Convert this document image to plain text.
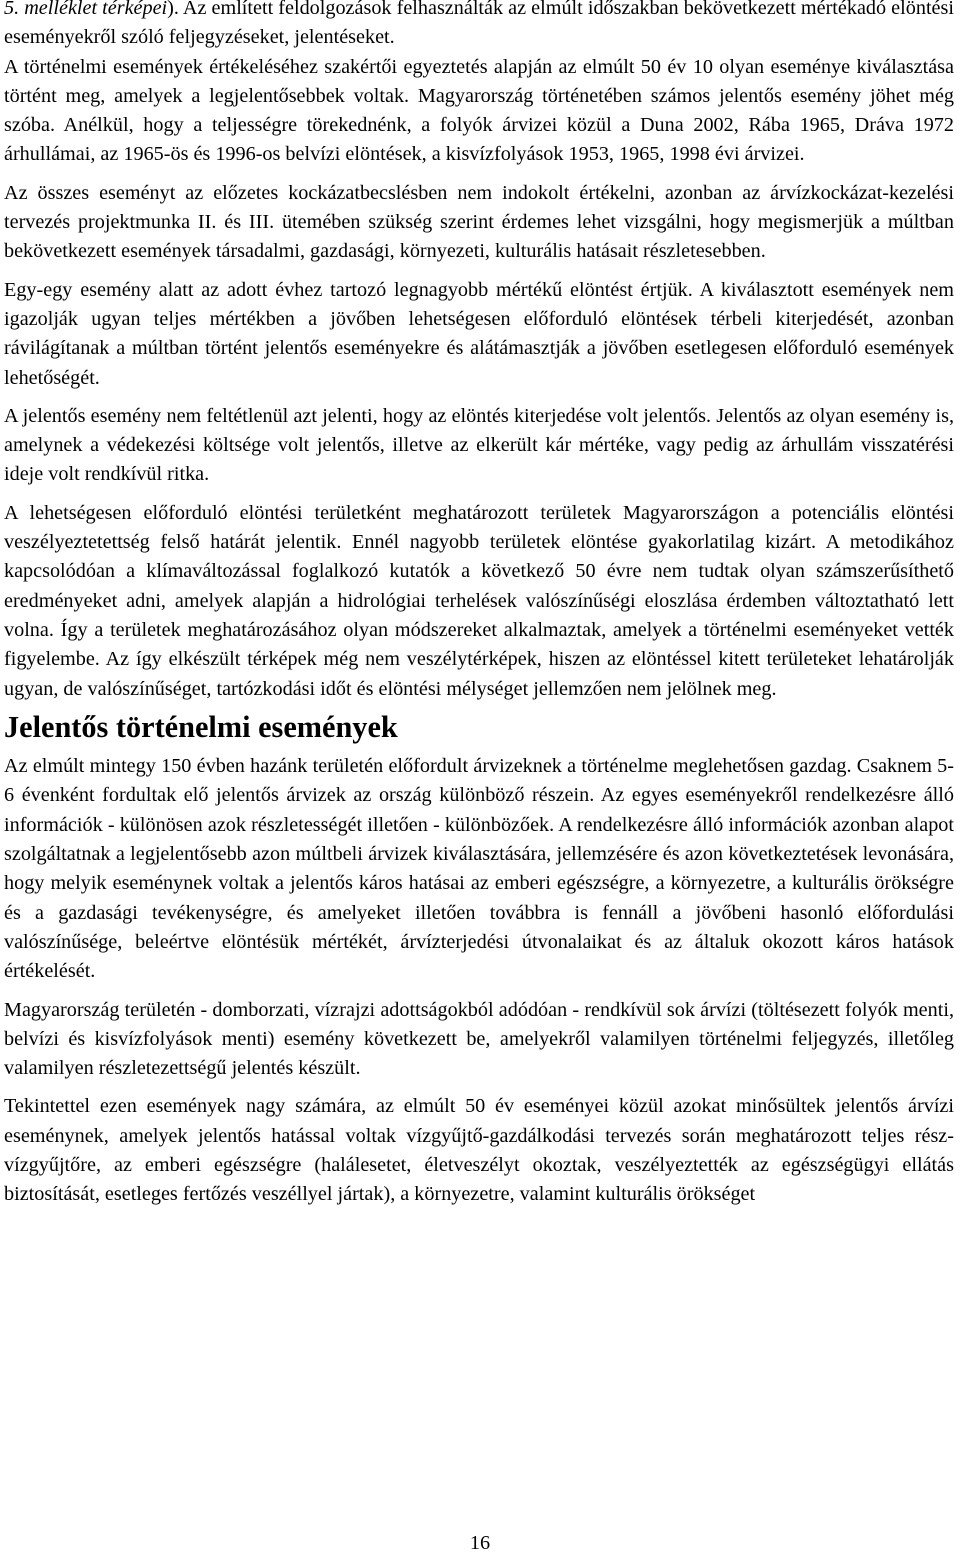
5. melléklet térképei). Az említett feldolgozások felhasználták az elmúlt időszakban bekövetkezett mértékadó elöntési eseményekről szóló feljegyzéseket, jelentéseket.

A történelmi események értékeléséhez szakértői egyeztetés alapján az elmúlt 50 év 10 olyan eseménye kiválasztása történt meg, amelyek a legjelentősebbek voltak. Magyarország történetében számos jelentős esemény jöhet még szóba. Anélkül, hogy a teljességre törekednénk, a folyók árvizei közül a Duna 2002, Rába 1965, Dráva 1972 árhullámai, az 1965-ös és 1996-os belvízi elöntések, a kisvízfolyások 1953, 1965, 1998 évi árvizei.

Az összes eseményt az előzetes kockázatbecslésben nem indokolt értékelni, azonban az árvízkockázat-kezelési tervezés projektmunka II. és III. ütemében szükség szerint érdemes lehet vizsgálni, hogy megismerjük a múltban bekövetkezett események társadalmi, gazdasági, környezeti, kulturális hatásait részletesebben.

Egy-egy esemény alatt az adott évhez tartozó legnagyobb mértékű elöntést értjük. A kiválasztott események nem igazolják ugyan teljes mértékben a jövőben lehetségesen előforduló elöntések térbeli kiterjedését, azonban rávilágítanak a múltban történt jelentős eseményekre és alátámasztják a jövőben esetlegesen előforduló események lehetőségét.

A jelentős esemény nem feltétlenül azt jelenti, hogy az elöntés kiterjedése volt jelentős. Jelentős az olyan esemény is, amelynek a védekezési költsége volt jelentős, illetve az elkerült kár mértéke, vagy pedig az árhullám visszatérési ideje volt rendkívül ritka.

A lehetségesen előforduló elöntési területként meghatározott területek Magyarországon a potenciális elöntési veszélyeztetettség felső határát jelentik. Ennél nagyobb területek elöntése gyakorlatilag kizárt. A metodikához kapcsolódóan a klímaváltozással foglalkozó kutatók a következő 50 évre nem tudtak olyan számszerűsíthető eredményeket adni, amelyek alapján a hidrológiai terhelések valószínűségi eloszlása érdemben változtatható lett volna. Így a területek meghatározásához olyan módszereket alkalmaztak, amelyek a történelmi eseményeket vették figyelembe. Az így elkészült térképek még nem veszélytérképek, hiszen az elöntéssel kitett területeket lehatárolják ugyan, de valószínűséget, tartózkodási időt és elöntési mélységet jellemzően nem jelölnek meg.

Jelentős történelmi események

Az elmúlt mintegy 150 évben hazánk területén előfordult árvizeknek a történelme meglehetősen gazdag. Csaknem 5-6 évenként fordultak elő jelentős árvizek az ország különböző részein. Az egyes eseményekről rendelkezésre álló információk - különösen azok részletességét illetően - különbözőek. A rendelkezésre álló információk azonban alapot szolgáltatnak a legjelentősebb azon múltbeli árvizek kiválasztására, jellemzésére és azon következtetések levonására, hogy melyik eseménynek voltak a jelentős káros hatásai az emberi egészségre, a környezetre, a kulturális örökségre és a gazdasági tevékenységre, és amelyeket illetően továbbra is fennáll a jövőbeni hasonló előfordulási valószínűsége, beleértve elöntésük mértékét, árvízterjedési útvonalaikat és az általuk okozott káros hatások értékelését.

Magyarország területén - domborzati, vízrajzi adottságokból adódóan - rendkívül sok árvízi (töltésezett folyók menti, belvízi és kisvízfolyások menti) esemény következett be, amelyekről valamilyen történelmi feljegyzés, illetőleg valamilyen részletezettségű jelentés készült.

Tekintettel ezen események nagy számára, az elmúlt 50 év eseményei közül azokat minősültek jelentős árvízi eseménynek, amelyek jelentős hatással voltak vízgyűjtő-gazdálkodási tervezés során meghatározott teljes rész-vízgyűjtőre, az emberi egészségre (halálesetet, életveszélyt okoztak, veszélyeztették az egészségügyi ellátás biztosítását, esetleges fertőzés veszéllyel jártak), a környezetre, valamint kulturális örökséget

16
